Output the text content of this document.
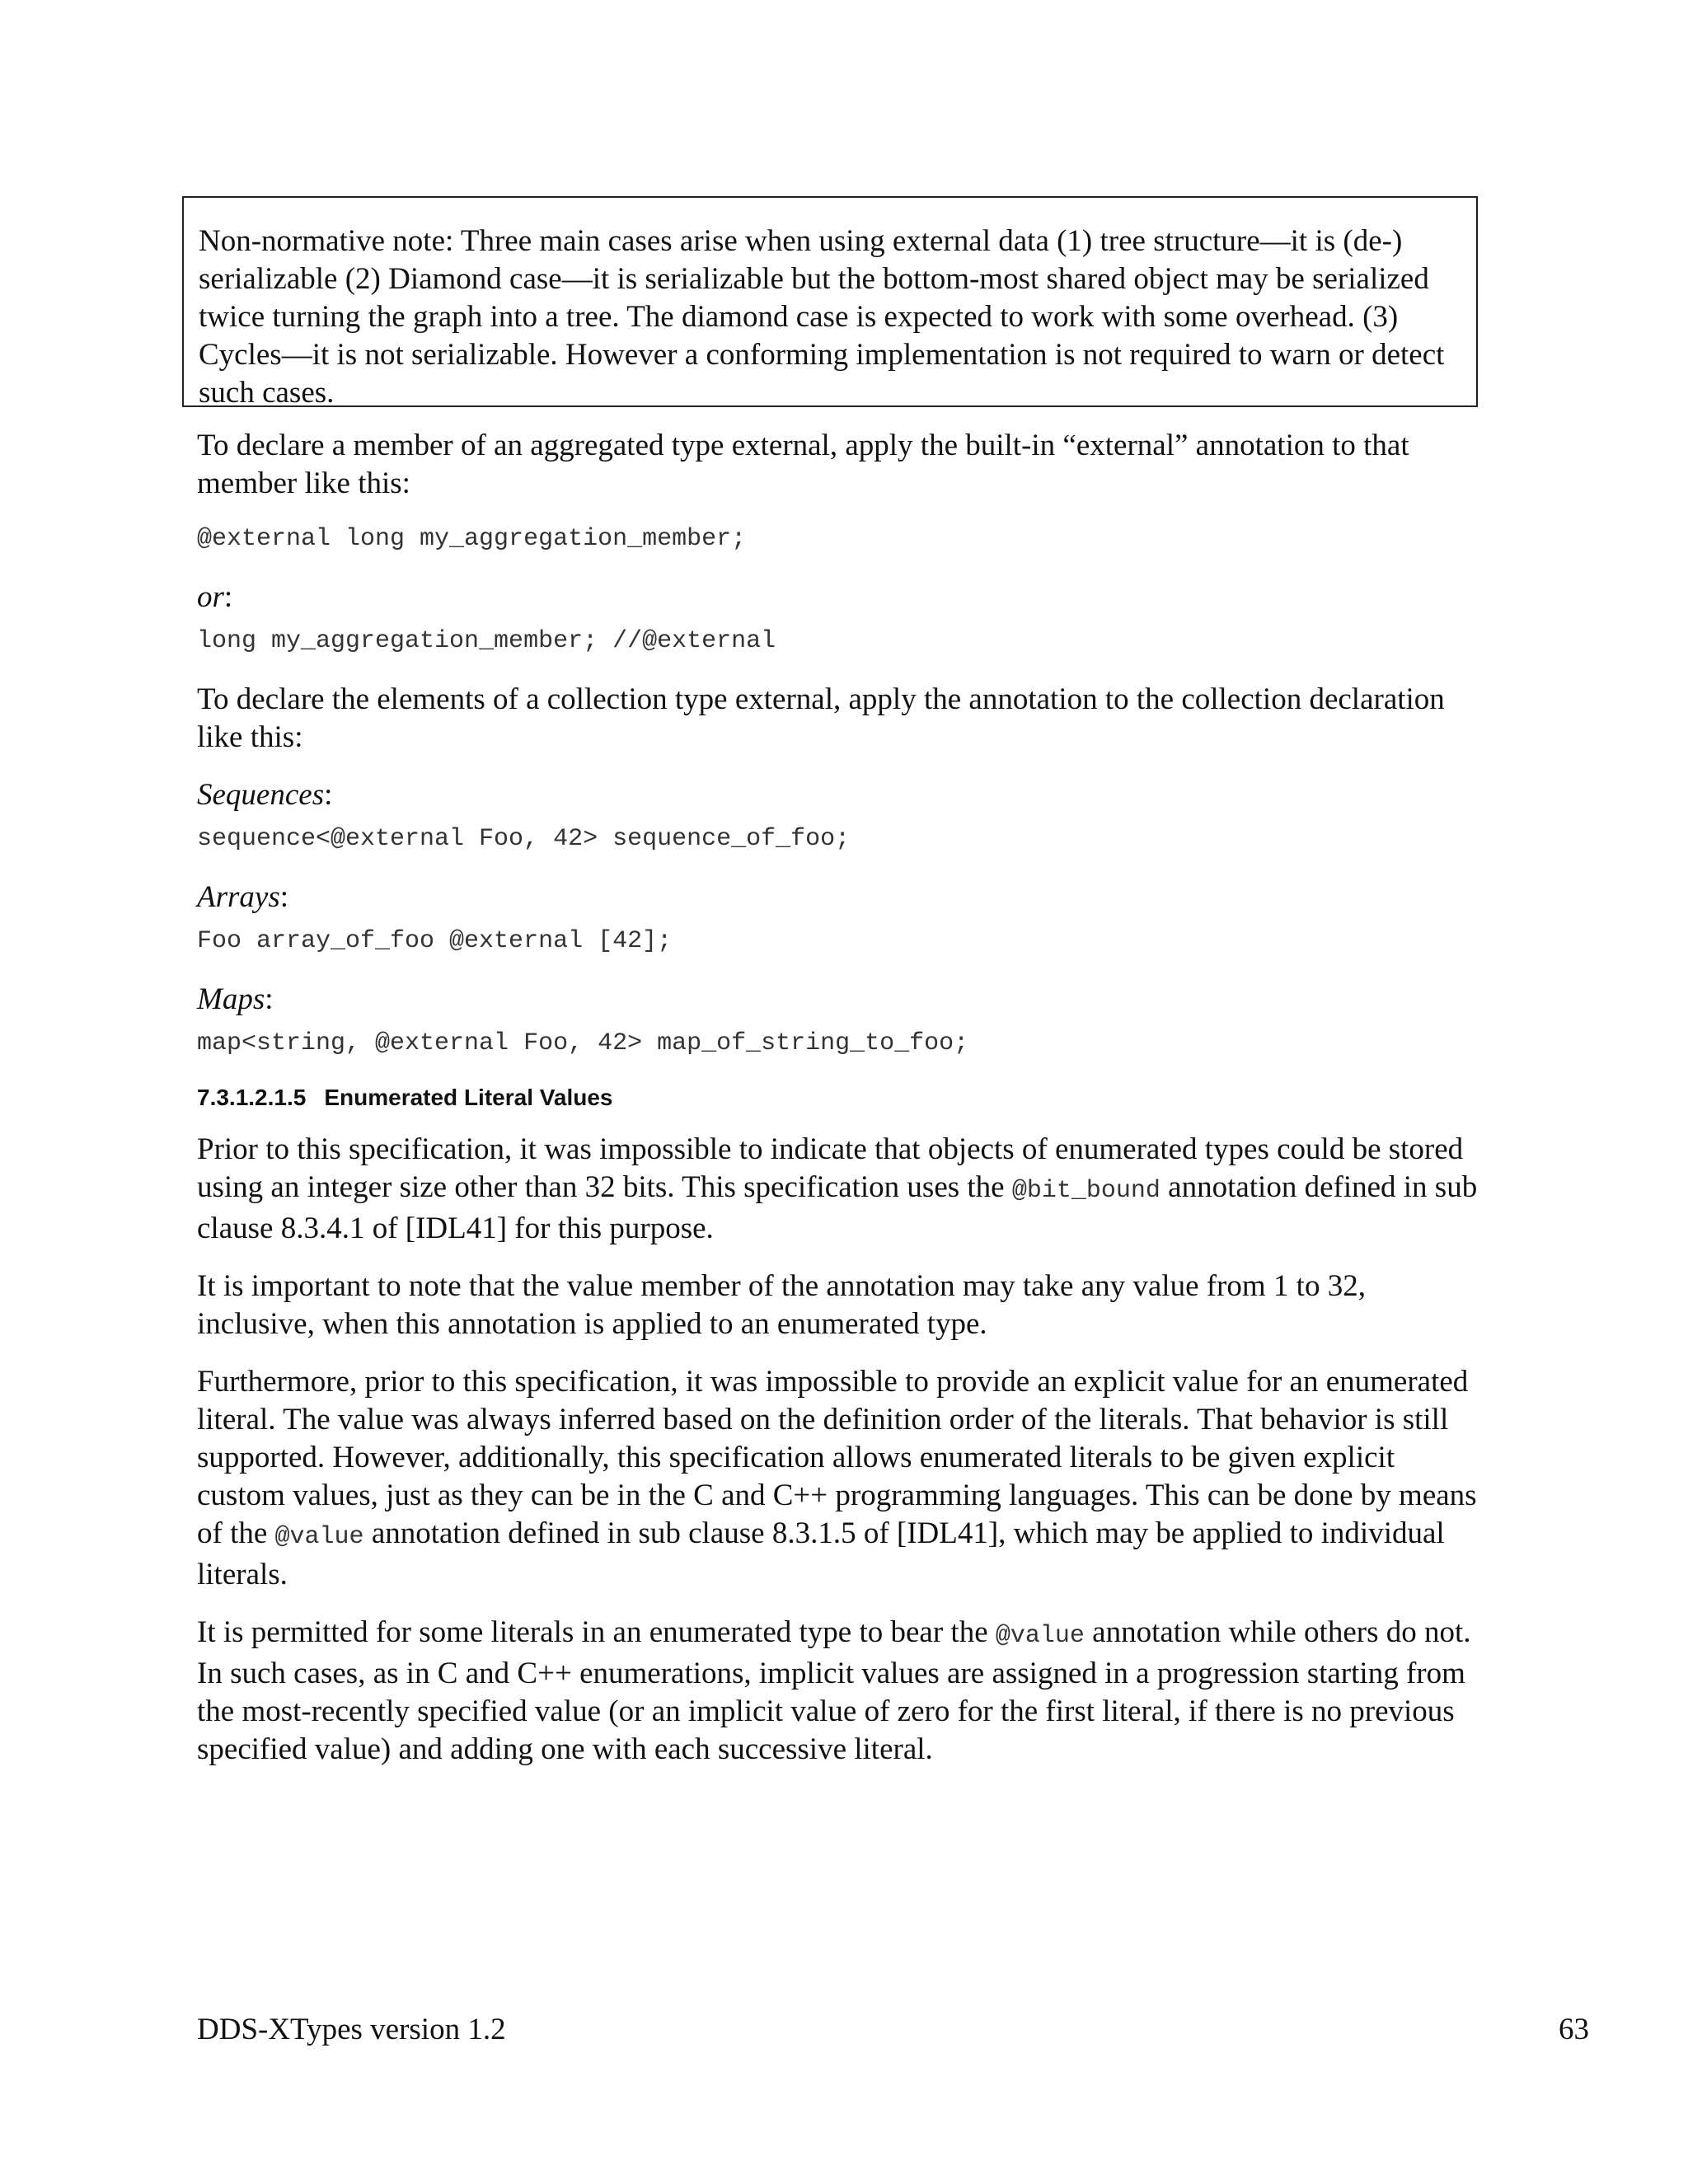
Non-normative note: Three main cases arise when using external data (1) tree structure—it is (de-) serializable (2) Diamond case—it is serializable but the bottom-most shared object may be serialized twice turning the graph into a tree. The diamond case is expected to work with some overhead. (3) Cycles—it is not serializable. However a conforming implementation is not required to warn or detect such cases.

To declare a member of an aggregated type external, apply the built-in “external” annotation to that member like this:

@external long my_aggregation_member;

or:

long my_aggregation_member; //@external

To declare the elements of a collection type external, apply the annotation to the collection declaration like this:

Sequences:

sequence<@external Foo, 42> sequence_of_foo;

Arrays:

Foo array_of_foo @external [42];

Maps:

map<string, @external Foo, 42> map_of_string_to_foo;

7.3.1.2.1.5 Enumerated Literal Values

Prior to this specification, it was impossible to indicate that objects of enumerated types could be stored using an integer size other than 32 bits. This specification uses the @bit_bound annotation defined in sub clause 8.3.4.1 of [IDL41] for this purpose.

It is important to note that the value member of the annotation may take any value from 1 to 32, inclusive, when this annotation is applied to an enumerated type.

Furthermore, prior to this specification, it was impossible to provide an explicit value for an enumerated literal. The value was always inferred based on the definition order of the literals. That behavior is still supported. However, additionally, this specification allows enumerated literals to be given explicit custom values, just as they can be in the C and C++ programming languages. This can be done by means of the @value annotation defined in sub clause 8.3.1.5 of [IDL41], which may be applied to individual literals.

It is permitted for some literals in an enumerated type to bear the @value annotation while others do not. In such cases, as in C and C++ enumerations, implicit values are assigned in a progression starting from the most-recently specified value (or an implicit value of zero for the first literal, if there is no previous specified value) and adding one with each successive literal.

DDS-XTypes version 1.2	63
